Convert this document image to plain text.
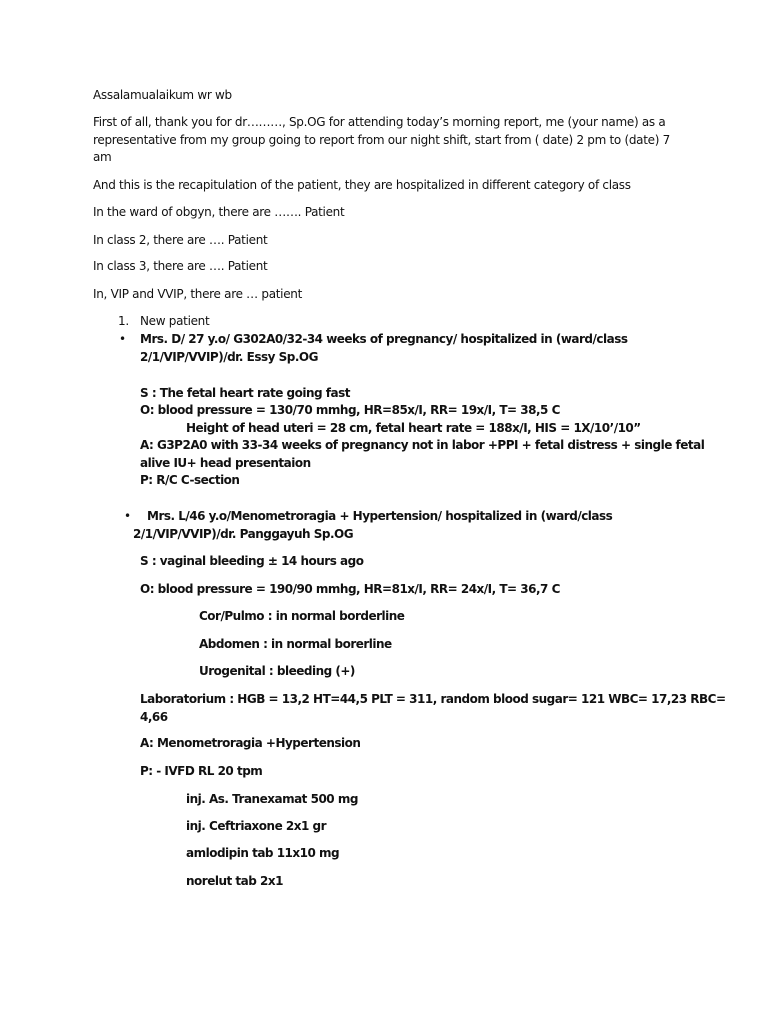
Assalamualaikum wr wb
First of all, thank you for dr………, Sp.OG for attending today’s morning report, me (your name) as a
representative from my group going to report from our night shift, start from ( date) 2 pm to (date) 7
am
And this is the recapitulation of the patient, they are hospitalized in different category of class
In the ward of obgyn, there are ……. Patient
In class 2, there are …. Patient
In class 3, there are …. Patient
In, VIP and VVIP, there are … patient
1. New patient
• Mrs. D/ 27 y.o/ G302A0/32-34 weeks of pregnancy/ hospitalized in (ward/class
2/1/VIP/VVIP)/dr. Essy Sp.OG
S : The fetal heart rate going fast
O: blood pressure = 130/70 mmhg, HR=85x/I, RR= 19x/I, T= 38,5 C
Height of head uteri = 28 cm, fetal heart rate = 188x/I, HIS = 1X/10’/10”
A: G3P2A0 with 33-34 weeks of pregnancy not in labor +PPI + fetal distress + single fetal
alive IU+ head presentaion
P: R/C C-section
• Mrs. L/46 y.o/Menometroragia + Hypertension/ hospitalized in (ward/class
2/1/VIP/VVIP)/dr. Panggayuh Sp.OG
S : vaginal bleeding ± 14 hours ago
O: blood pressure = 190/90 mmhg, HR=81x/I, RR= 24x/I, T= 36,7 C
Cor/Pulmo : in normal borderline
Abdomen : in normal borerline
Urogenital : bleeding (+)
Laboratorium : HGB = 13,2 HT=44,5 PLT = 311, random blood sugar= 121 WBC= 17,23 RBC=
4,66
A: Menometroragia +Hypertension
P: - IVFD RL 20 tpm
inj. As. Tranexamat 500 mg
inj. Ceftriaxone 2x1 gr
amlodipin tab 11x10 mg
norelut tab 2x1
